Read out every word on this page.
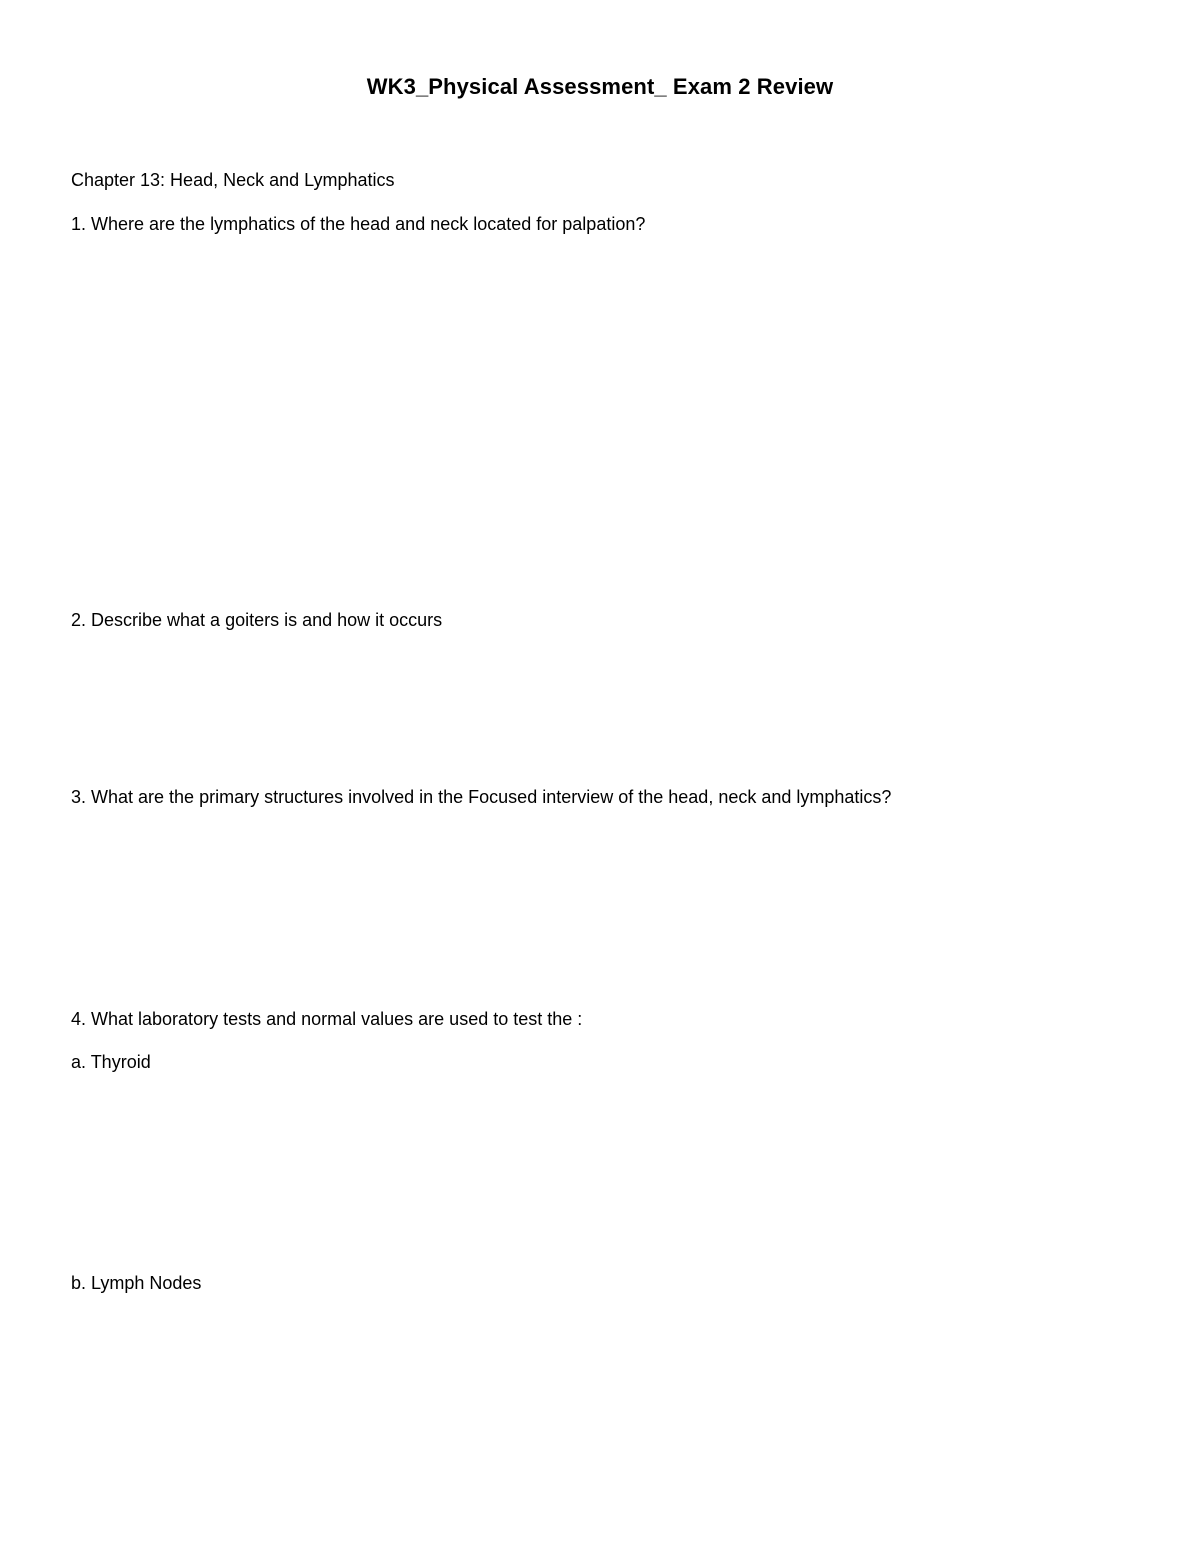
WK3_Physical Assessment_ Exam 2 Review
Chapter 13: Head, Neck and Lymphatics
1. Where are the lymphatics of the head and neck located for palpation?
2. Describe what a goiters is and how it occurs
3. What are the primary structures involved in the Focused interview of the head, neck and lymphatics?
4. What laboratory tests and normal values are used to test the :
a. Thyroid
b. Lymph Nodes
